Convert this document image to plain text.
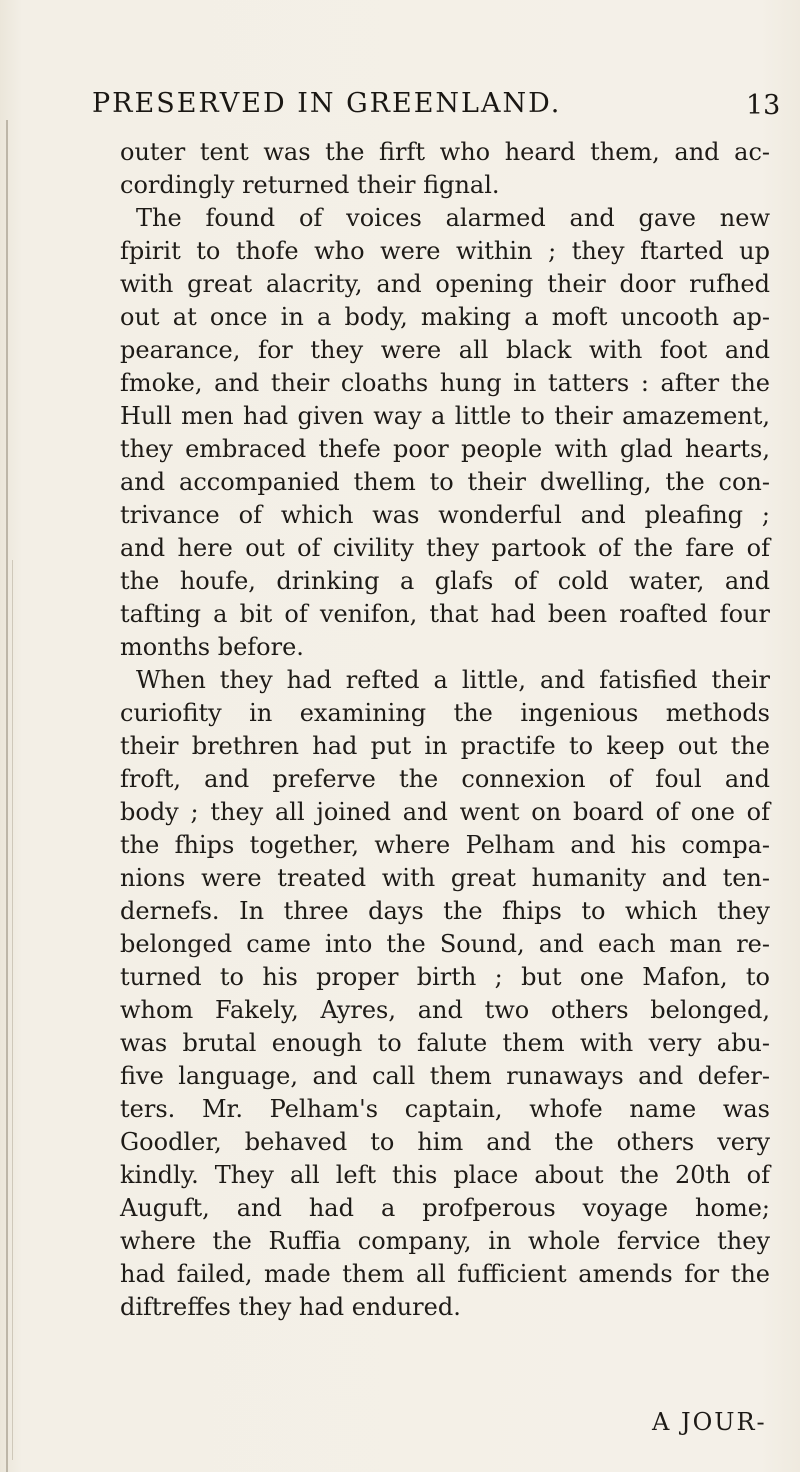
PRESERVED IN GREENLAND.	13
outer tent was the firft who heard them, and ac-
cordingly returned their fignal.
The found of voices alarmed and gave new
fpirit to thofe who were within ; they ftarted up
with great alacrity, and opening their door rufhed
out at once in a body, making a moft uncooth ap-
pearance, for they were all black with foot and
fmoke, and their cloaths hung in tatters : after the
Hull men had given way a little to their amazement,
they embraced thefe poor people with glad hearts,
and accompanied them to their dwelling, the con-
trivance of which was wonderful and pleafing ;
and here out of civility they partook of the fare of
the houfe, drinking a glafs of cold water, and
tafting a bit of venifon, that had been roafted four
months before.
When they had refted a little, and fatisfied their
curiofity in examining the ingenious methods
their brethren had put in practife to keep out the
froft, and preferve the connexion of foul and
body ; they all joined and went on board of one of
the fhips together, where Pelham and his compa-
nions were treated with great humanity and ten-
dernefs. In three days the fhips to which they
belonged came into the Sound, and each man re-
turned to his proper birth ; but one Mafon, to
whom Fakely, Ayres, and two others belonged,
was brutal enough to falute them with very abu-
five language, and call them runaways and defer-
ters. Mr. Pelham's captain, whofe name was
Goodler, behaved to him and the others very
kindly. They all left this place about the 20th of
Auguft, and had a profperous voyage home;
where the Ruffia company, in whole fervice they
had failed, made them all fufficient amends for the
diftreffes they had endured.
A JOUR-
